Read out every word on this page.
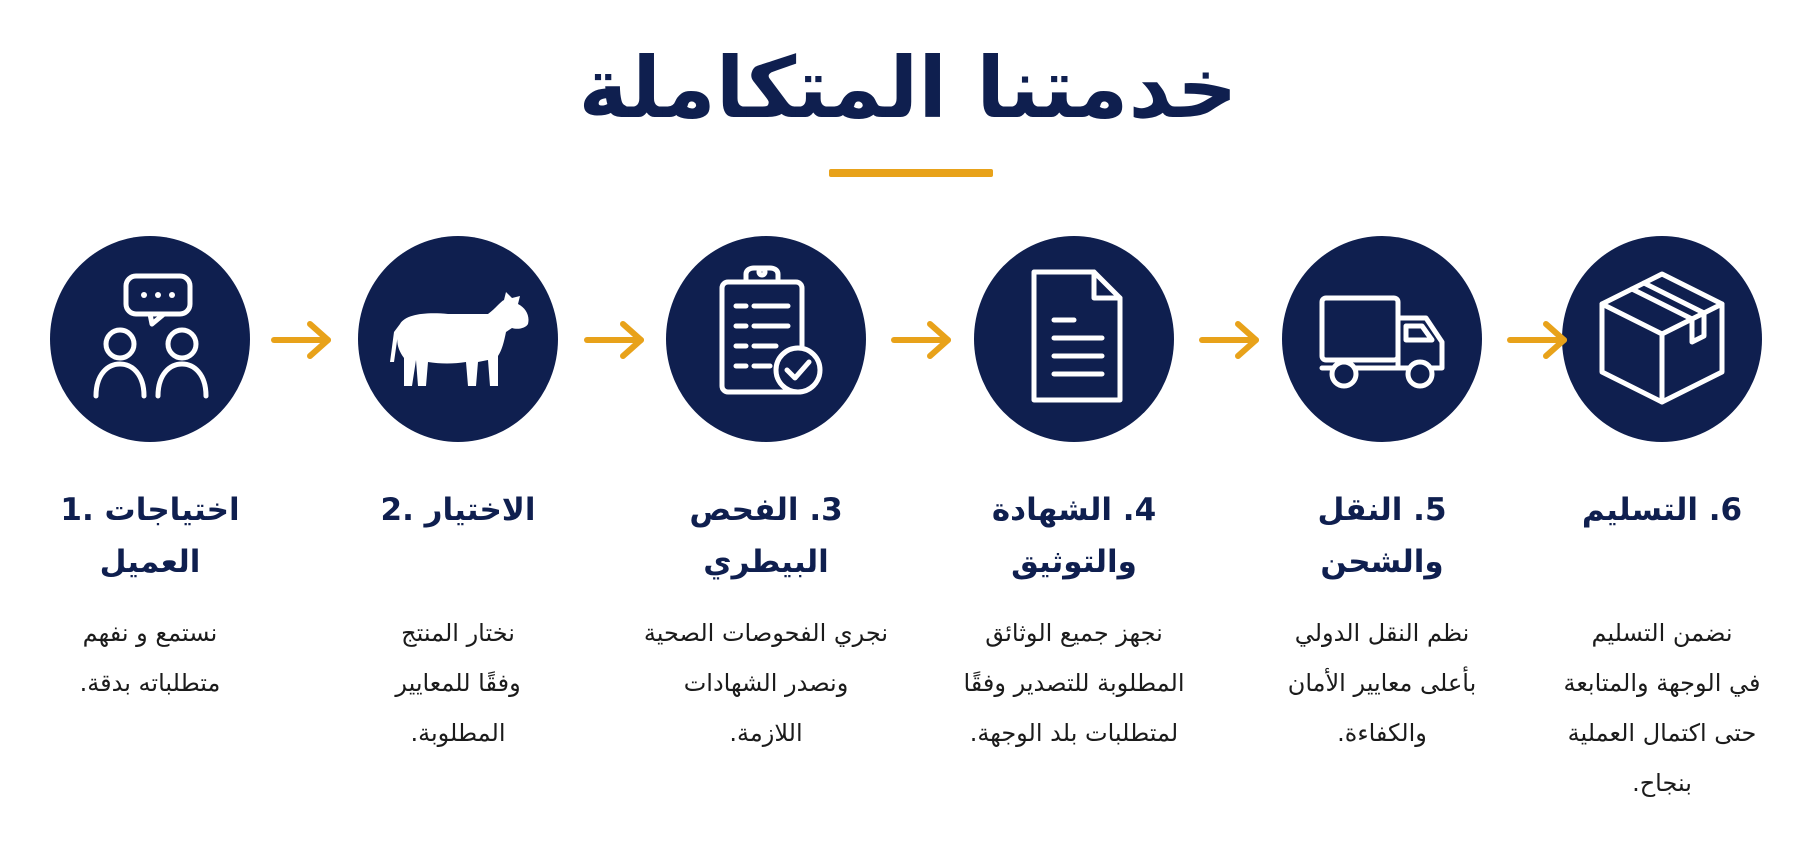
خدمتنا المتكاملة
اختياجات .1
العميل
نستمع و نفهم
متطلباته بدقة.
الاختيار .2
نختار المنتج
وفقًا للمعايير
المطلوبة.
3. الفحص
البيطري
نجري الفحوصات الصحية
ونصدر الشهادات
اللازمة.
4. الشهادة
والتوثيق
نجهز جميع الوثائق
المطلوبة للتصدير وفقًا
لمتطلبات بلد الوجهة.
5. النقل
والشحن
نظم النقل الدولي
بأعلى معايير الأمان
والكفاءة.
6. التسليم
نضمن التسليم
في الوجهة والمتابعة
حتى اكتمال العملية
بنجاح.
